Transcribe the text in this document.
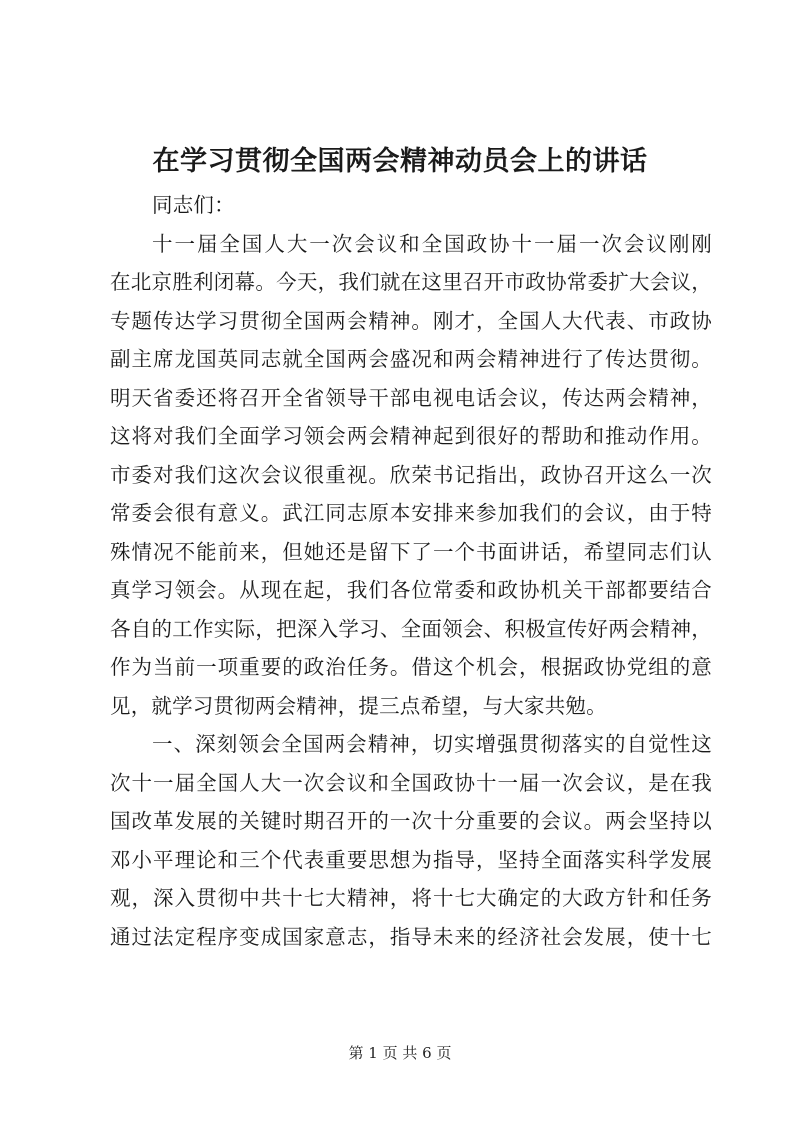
在学习贯彻全国两会精神动员会上的讲话
同志们：
十一届全国人大一次会议和全国政协十一届一次会议刚刚
在北京胜利闭幕。今天，我们就在这里召开市政协常委扩大会议，
专题传达学习贯彻全国两会精神。刚才，全国人大代表、市政协
副主席龙国英同志就全国两会盛况和两会精神进行了传达贯彻。
明天省委还将召开全省领导干部电视电话会议，传达两会精神，
这将对我们全面学习领会两会精神起到很好的帮助和推动作用。
市委对我们这次会议很重视。欣荣书记指出，政协召开这么一次
常委会很有意义。武江同志原本安排来参加我们的会议，由于特
殊情况不能前来，但她还是留下了一个书面讲话，希望同志们认
真学习领会。从现在起，我们各位常委和政协机关干部都要结合
各自的工作实际，把深入学习、全面领会、积极宣传好两会精神，
作为当前一项重要的政治任务。借这个机会，根据政协党组的意
见，就学习贯彻两会精神，提三点希望，与大家共勉。
一、深刻领会全国两会精神，切实增强贯彻落实的自觉性这
次十一届全国人大一次会议和全国政协十一届一次会议，是在我
国改革发展的关键时期召开的一次十分重要的会议。两会坚持以
邓小平理论和三个代表重要思想为指导，坚持全面落实科学发展
观，深入贯彻中共十七大精神，将十七大确定的大政方针和任务
通过法定程序变成国家意志，指导未来的经济社会发展，使十七
第 1 页 共 6 页
